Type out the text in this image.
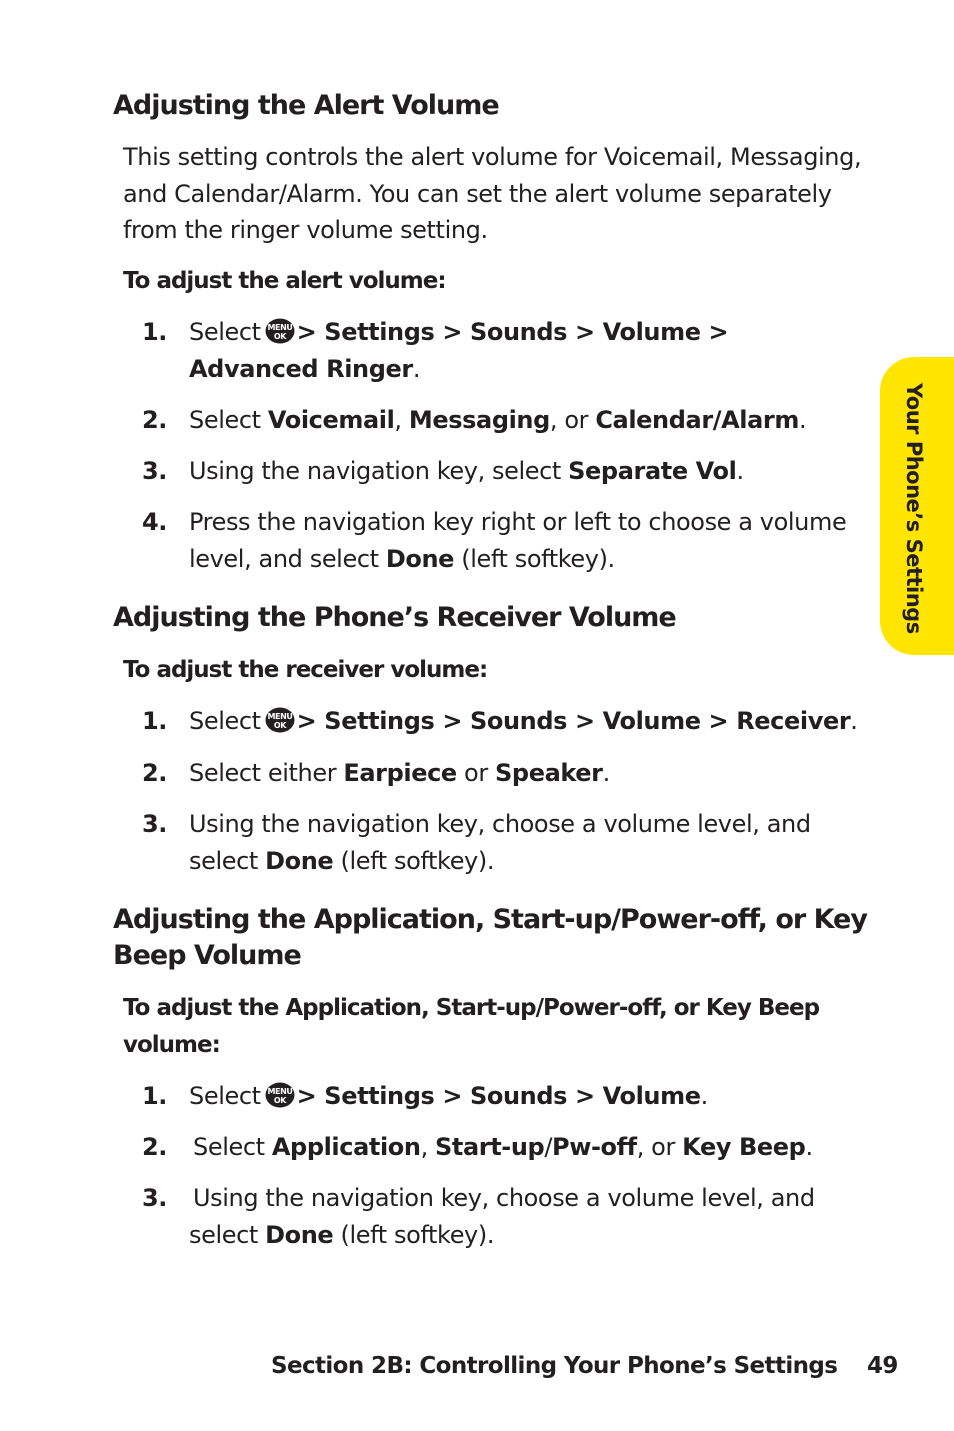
Adjusting the Alert Volume

This setting controls the alert volume for Voicemail, Messaging, and Calendar/Alarm. You can set the alert volume separately from the ringer volume setting.

To adjust the alert volume:

1. Select MENU
OK > Settings > Sounds > Volume >
Advanced Ringer.
2. Select Voicemail, Messaging, or Calendar/Alarm.
3. Using the navigation key, select Separate Vol.
4. Press the navigation key right or left to choose a volume level, and select Done (left softkey).
Adjusting the Phone’s Receiver Volume

To adjust the receiver volume:

1. Select MENU
OK > Settings > Sounds > Volume > Receiver.
2. Select either Earpiece or Speaker.
3. Using the navigation key, choose a volume level, and select Done (left softkey).
Adjusting the Application, Start-up/Power-off, or Key Beep Volume

To adjust the Application, Start-up/Power-off, or Key Beep volume:

1. Select MENU
OK > Settings > Sounds > Volume.
2. Select Application, Start-up/Pw-off, or Key Beep.
3. Using the navigation key, choose a volume level, and select Done (left softkey).
Your Phone’s Settings
Section 2B: Controlling Your Phone’s Settings 49
